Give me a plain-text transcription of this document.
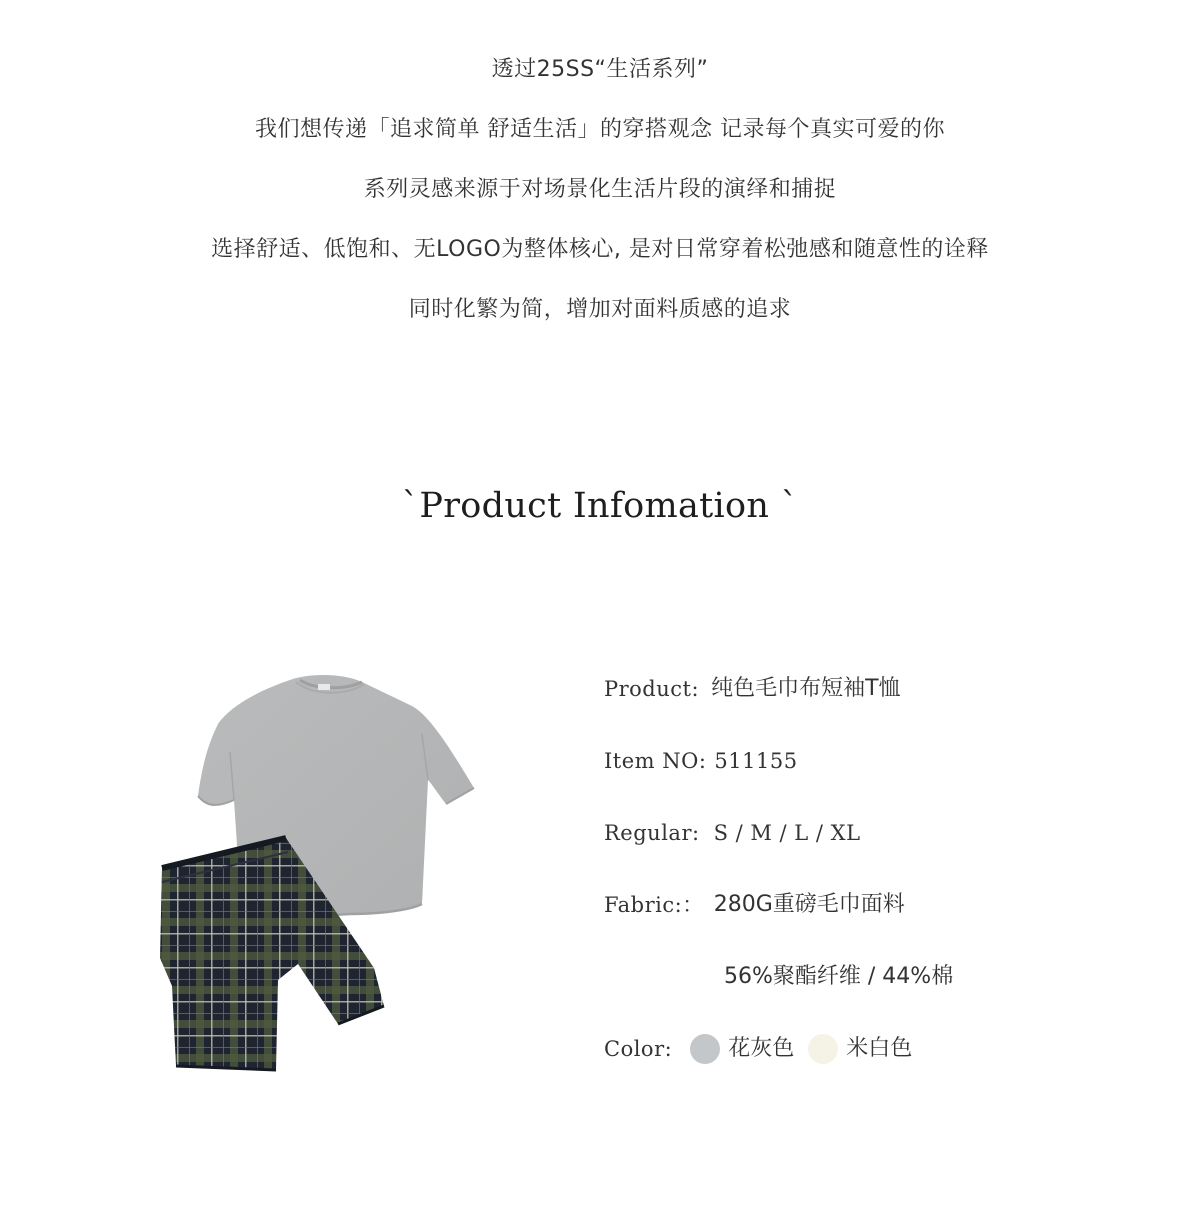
透过25SS“生活系列”
我们想传递「追求简单 舒适生活」的穿搭观念 记录每个真实可爱的你
系列灵感来源于对场景化生活片段的演绎和捕捉
选择舒适、低饱和、无LOGO为整体核心, 是对日常穿着松弛感和随意性的诠释
同时化繁为简，增加对面料质感的追求
`Product Infomation `
Product: 纯色毛巾布短袖T恤
Item NO: 511155
Regular: S / M / L / XL
Fabric:： 280G重磅毛巾面料
56%聚酯纤维 / 44%棉
Color:	花灰色 米白色
